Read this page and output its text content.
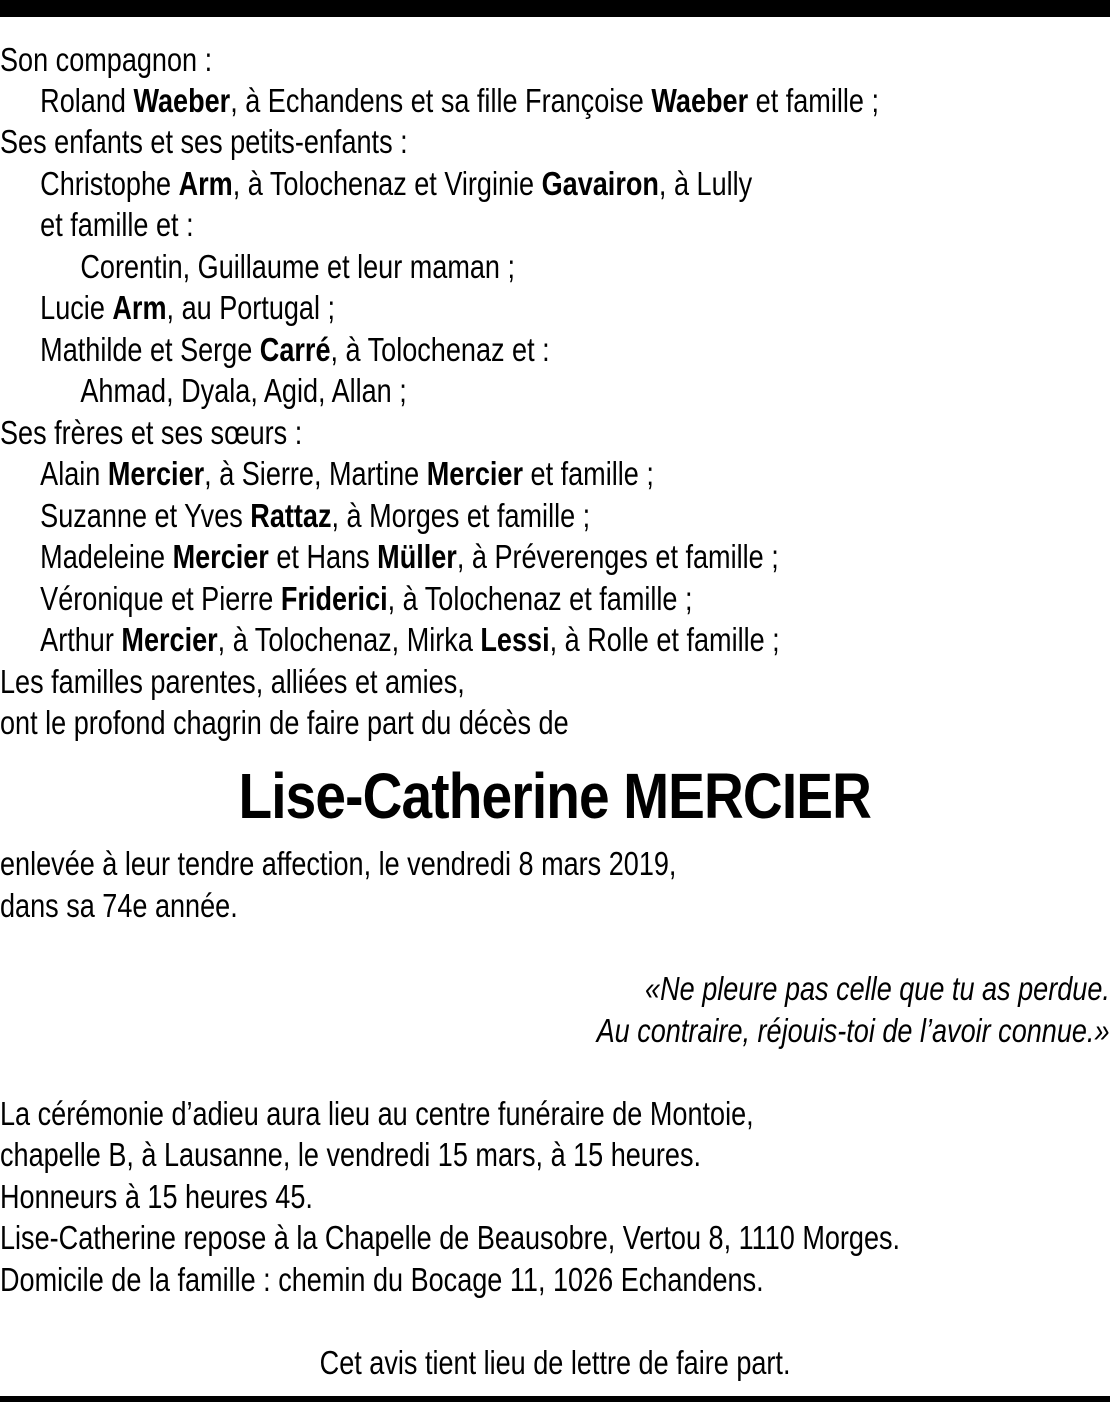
Son compagnon :
Roland Waeber, à Echandens et sa fille Françoise Waeber et famille ;
Ses enfants et ses petits-enfants :
Christophe Arm, à Tolochenaz et Virginie Gavairon, à Lully
et famille et :
Corentin, Guillaume et leur maman ;
Lucie Arm, au Portugal ;
Mathilde et Serge Carré, à Tolochenaz et :
Ahmad, Dyala, Agid, Allan ;
Ses frères et ses sœurs :
Alain Mercier, à Sierre, Martine Mercier et famille ;
Suzanne et Yves Rattaz, à Morges et famille ;
Madeleine Mercier et Hans Müller, à Préverenges et famille ;
Véronique et Pierre Friderici, à Tolochenaz et famille ;
Arthur Mercier, à Tolochenaz, Mirka Lessi, à Rolle et famille ;
Les familles parentes, alliées et amies,
ont le profond chagrin de faire part du décès de
Lise-Catherine MERCIER
enlevée à leur tendre affection, le vendredi 8 mars 2019,
dans sa 74e année.
«Ne pleure pas celle que tu as perdue.
Au contraire, réjouis-toi de l’avoir connue.»
La cérémonie d’adieu aura lieu au centre funéraire de Montoie,
chapelle B, à Lausanne, le vendredi 15 mars, à 15 heures.
Honneurs à 15 heures 45.
Lise-Catherine repose à la Chapelle de Beausobre, Vertou 8, 1110 Morges.
Domicile de la famille : chemin du Bocage 11, 1026 Echandens.
Cet avis tient lieu de lettre de faire part.
